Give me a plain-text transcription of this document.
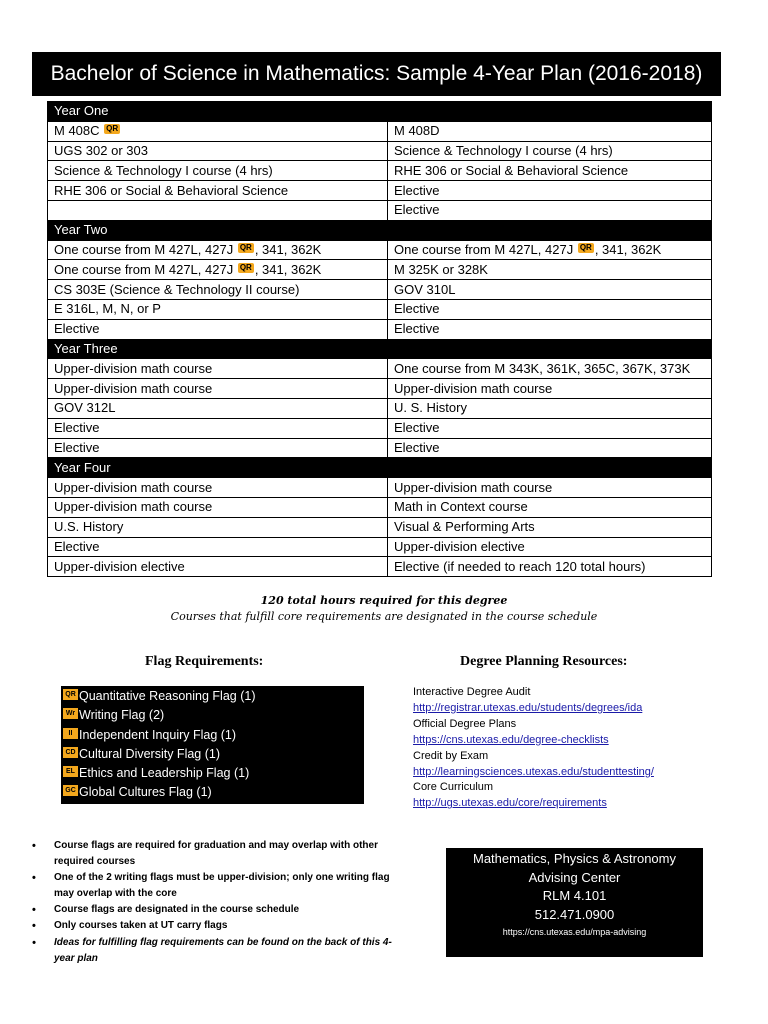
Bachelor of Science in Mathematics: Sample 4-Year Plan (2016-2018)
Year One	
M 408C QR	M 408D
UGS 302 or 303	Science & Technology I course (4 hrs)
Science & Technology I course (4 hrs)	RHE 306 or Social & Behavioral Science
RHE 306 or Social & Behavioral Science	Elective
	Elective
Year Two	
One course from M 427L, 427J QR , 341, 362K	One course from M 427L, 427J QR , 341, 362K
One course from M 427L, 427J QR , 341, 362K	M 325K or 328K
CS 303E (Science & Technology II course)	GOV 310L
E 316L, M, N, or P	Elective
Elective	Elective
Year Three	
Upper-division math course	One course from M 343K, 361K, 365C, 367K, 373K
Upper-division math course	Upper-division math course
GOV 312L	U. S. History
Elective	Elective
Elective	Elective
Year Four	
Upper-division math course	Upper-division math course
Upper-division math course	Math in Context course
U.S. History	Visual & Performing Arts
Elective	Upper-division elective
Upper-division elective	Elective (if needed to reach 120 total hours)
120 total hours required for this degree
Courses that fulfill core requirements are designated in the course schedule
Flag Requirements:	Degree Planning Resources:
QR Quantitative Reasoning Flag (1)
Wr Writing Flag (2)
II Independent Inquiry Flag (1)
CD Cultural Diversity Flag (1)
EL Ethics and Leadership Flag (1)
GC Global Cultures Flag (1)
Interactive Degree Audit
http://registrar.utexas.edu/students/degrees/ida
Official Degree Plans
https://cns.utexas.edu/degree-checklists
Credit by Exam
http://learningsciences.utexas.edu/studenttesting/
Core Curriculum
http://ugs.utexas.edu/core/requirements
• Course flags are required for graduation and may overlap with other required courses
• One of the 2 writing flags must be upper-division; only one writing flag may overlap with the core
• Course flags are designated in the course schedule
• Only courses taken at UT carry flags
• Ideas for fulfilling flag requirements can be found on the back of this 4-year plan
Mathematics, Physics & Astronomy
Advising Center
RLM 4.101
512.471.0900
https://cns.utexas.edu/mpa-advising
